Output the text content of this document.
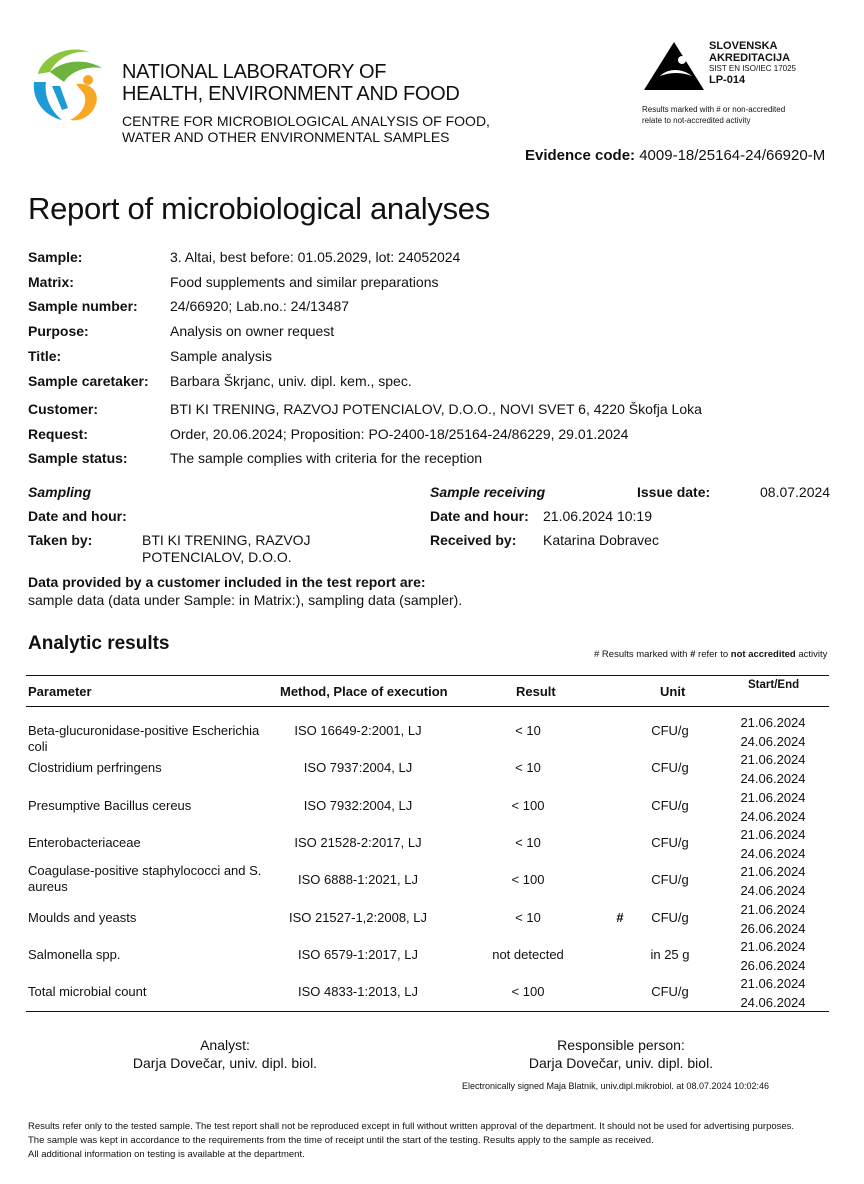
NATIONAL LABORATORY OF
HEALTH, ENVIRONMENT AND FOOD
CENTRE FOR MICROBIOLOGICAL ANALYSIS OF FOOD,
WATER AND OTHER ENVIRONMENTAL SAMPLES
SLOVENSKA
AKREDITACIJA
SIST EN ISO/IEC 17025
LP-014
Results marked with # or non-accredited
relate to not-accredited activity
Evidence code: 4009-18/25164-24/66920-M
Report of microbiological analyses
Sample:	3. Altai, best before: 01.05.2029, lot: 24052024
Matrix:	Food supplements and similar preparations
Sample number: 24/66920; Lab.no.: 24/13487
Purpose:	Analysis on owner request
Title:	Sample analysis
Sample caretaker: Barbara Škrjanc, univ. dipl. kem., spec.
Customer:	BTI KI TRENING, RAZVOJ POTENCIALOV, D.O.O., NOVI SVET 6, 4220 Škofja Loka
Request:	Order, 20.06.2024; Proposition: PO-2400-18/25164-24/86229, 29.01.2024
Sample status:	The sample complies with criteria for the reception
Sampling
Date and hour:
Taken by:	BTI KI TRENING, RAZVOJ
POTENCIALOV, D.O.O.
Sample receiving	Issue date:	08.07.2024
Date and hour: 21.06.2024 10:19
Received by: Katarina Dobravec
Data provided by a customer included in the test report are:
sample data (data under Sample: in Matrix:), sampling data (sampler).
Analytic results
# Results marked with # refer to not accredited activity
Parameter	Method, Place of execution	Result	Unit	Start/End
Beta-glucuronidase-positive Escherichia coli
ISO 16649-2:2001, LJ	< 10	CFU/g
21.06.2024
24.06.2024
Clostridium perfringens	ISO 7937:2004, LJ	< 10	CFU/g
21.06.2024
24.06.2024
Presumptive Bacillus cereus	ISO 7932:2004, LJ	< 100	CFU/g
21.06.2024
24.06.2024
Enterobacteriaceae	ISO 21528-2:2017, LJ	< 10	CFU/g
21.06.2024
24.06.2024
Coagulase-positive staphylococci and S.
aureus	ISO 6888-1:2021, LJ	< 100	CFU/g
21.06.2024
24.06.2024
Moulds and yeasts	ISO 21527-1,2:2008, LJ	< 10	#	CFU/g
21.06.2024
26.06.2024
Salmonella spp.	ISO 6579-1:2017, LJ	not detected	in 25 g
21.06.2024
26.06.2024
Total microbial count	ISO 4833-1:2013, LJ	< 100	CFU/g
21.06.2024
24.06.2024
Analyst:
Darja Dovečar, univ. dipl. biol.
Responsible person:
Darja Dovečar, univ. dipl. biol.
Electronically signed Maja Blatnik, univ.dipl.mikrobiol. at 08.07.2024 10:02:46
Results refer only to the tested sample. The test report shall not be reproduced except in full without written approval of the department. It should not be used for advertising purposes.
The sample was kept in accordance to the requirements from the time of receipt until the start of the testing. Results apply to the sample as received.
All additional information on testing is available at the department.
